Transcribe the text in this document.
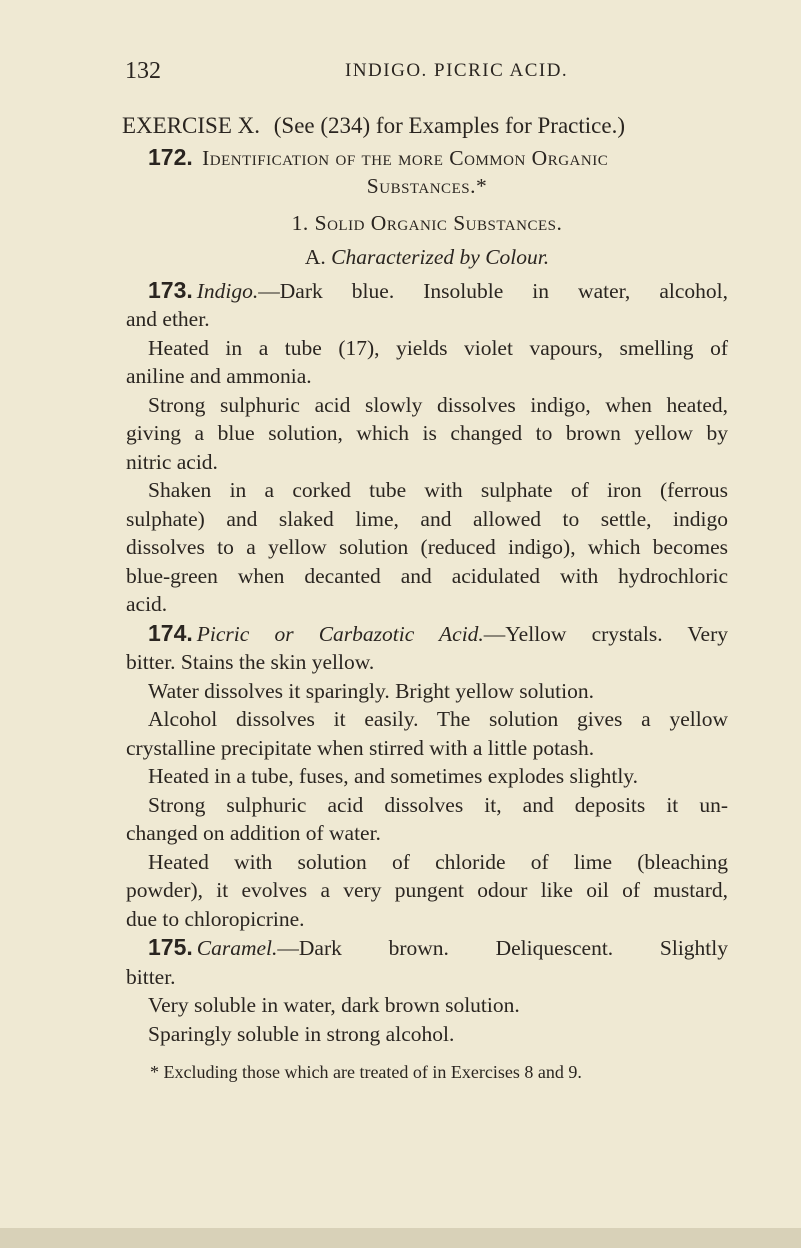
132	INDIGO. PICRIC ACID.
EXERCISE X. (See (234) for Examples for Practice.)
172. Identification of the more Common Organic
Substances.*
1. Solid Organic Substances.
A. Characterized by Colour.
173. Indigo.—Dark blue. Insoluble in water, alcohol,
and ether.
Heated in a tube (17), yields violet vapours, smelling of
aniline and ammonia.
Strong sulphuric acid slowly dissolves indigo, when heated,
giving a blue solution, which is changed to brown yellow by
nitric acid.
Shaken in a corked tube with sulphate of iron (ferrous
sulphate) and slaked lime, and allowed to settle, indigo
dissolves to a yellow solution (reduced indigo), which becomes
blue-green when decanted and acidulated with hydrochloric
acid.
174. Picric or Carbazotic Acid.—Yellow crystals. Very
bitter. Stains the skin yellow.
Water dissolves it sparingly. Bright yellow solution.
Alcohol dissolves it easily. The solution gives a yellow
crystalline precipitate when stirred with a little potash.
Heated in a tube, fuses, and sometimes explodes slightly.
Strong sulphuric acid dissolves it, and deposits it un-
changed on addition of water.
Heated with solution of chloride of lime (bleaching
powder), it evolves a very pungent odour like oil of mustard,
due to chloropicrine.
175. Caramel.—Dark brown. Deliquescent. Slightly
bitter.
Very soluble in water, dark brown solution.
Sparingly soluble in strong alcohol.
* Excluding those which are treated of in Exercises 8 and 9.
